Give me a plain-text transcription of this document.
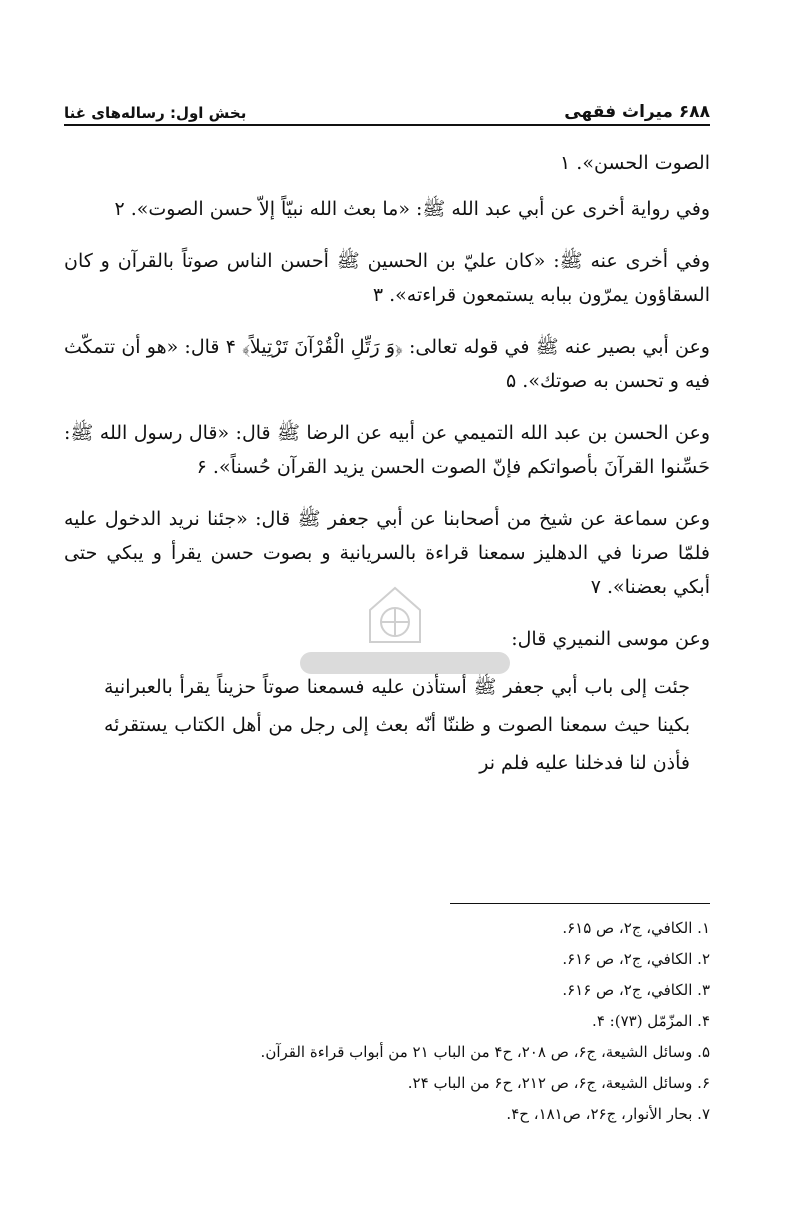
۶۸۸ میراث فقهی
بخش اول: رساله‌های غنا

الصوت الحسن». ۱

وفي رواية أخرى عن أبي عبد الله ﷺ: «ما بعث الله نبيّاً إلاّ حسن الصوت». ۲

وفي أخرى عنه ﷺ: «كان عليّ بن الحسين ﷺ أحسن الناس صوتاً بالقرآن و كان السقاؤون يمرّون ببابه يستمعون قراءته». ۳

وعن أبي بصير عنه ﷺ في قوله تعالى: ﴿وَ رَتِّلِ الْقُرْآنَ تَرْتِيلاً﴾ ۴ قال: «هو أن تتمكّث فيه و تحسن به صوتك». ۵

وعن الحسن بن عبد الله التميمي عن أبيه عن الرضا ﷺ قال: «قال رسول الله ﷺ: حَسِّنوا القرآنَ بأصواتكم فإنّ الصوت الحسن يزيد القرآن حُسناً». ۶

وعن سماعة عن شيخ من أصحابنا عن أبي جعفر ﷺ قال: «جئنا نريد الدخول عليه فلمّا صرنا في الدهليز سمعنا قراءة بالسريانية و بصوت حسن يقرأ و يبكي حتى أبكي بعضنا». ۷

وعن موسى النميري قال:

جئت إلى باب أبي جعفر ﷺ أستأذن عليه فسمعنا صوتاً حزيناً يقرأ بالعبرانية بكينا حيث سمعنا الصوت و ظننّا أنّه بعث إلى رجل من أهل الكتاب يستقرئه فأذن لنا فدخلنا عليه فلم نر

۱. الكافي، ج۲، ص ۶۱۵.

۲. الكافي، ج۲، ص ۶۱۶.

۳. الكافي، ج۲، ص ۶۱۶.

۴. المزّمّل (۷۳): ۴.

۵. وسائل الشيعة، ج۶، ص ۲۰۸، ح۴ من الباب ۲۱ من أبواب قراءة القرآن.

۶. وسائل الشيعة، ج۶، ص ۲۱۲، ح۶ من الباب ۲۴.

۷. بحار الأنوار، ج۲۶، ص۱۸۱، ح۴.
